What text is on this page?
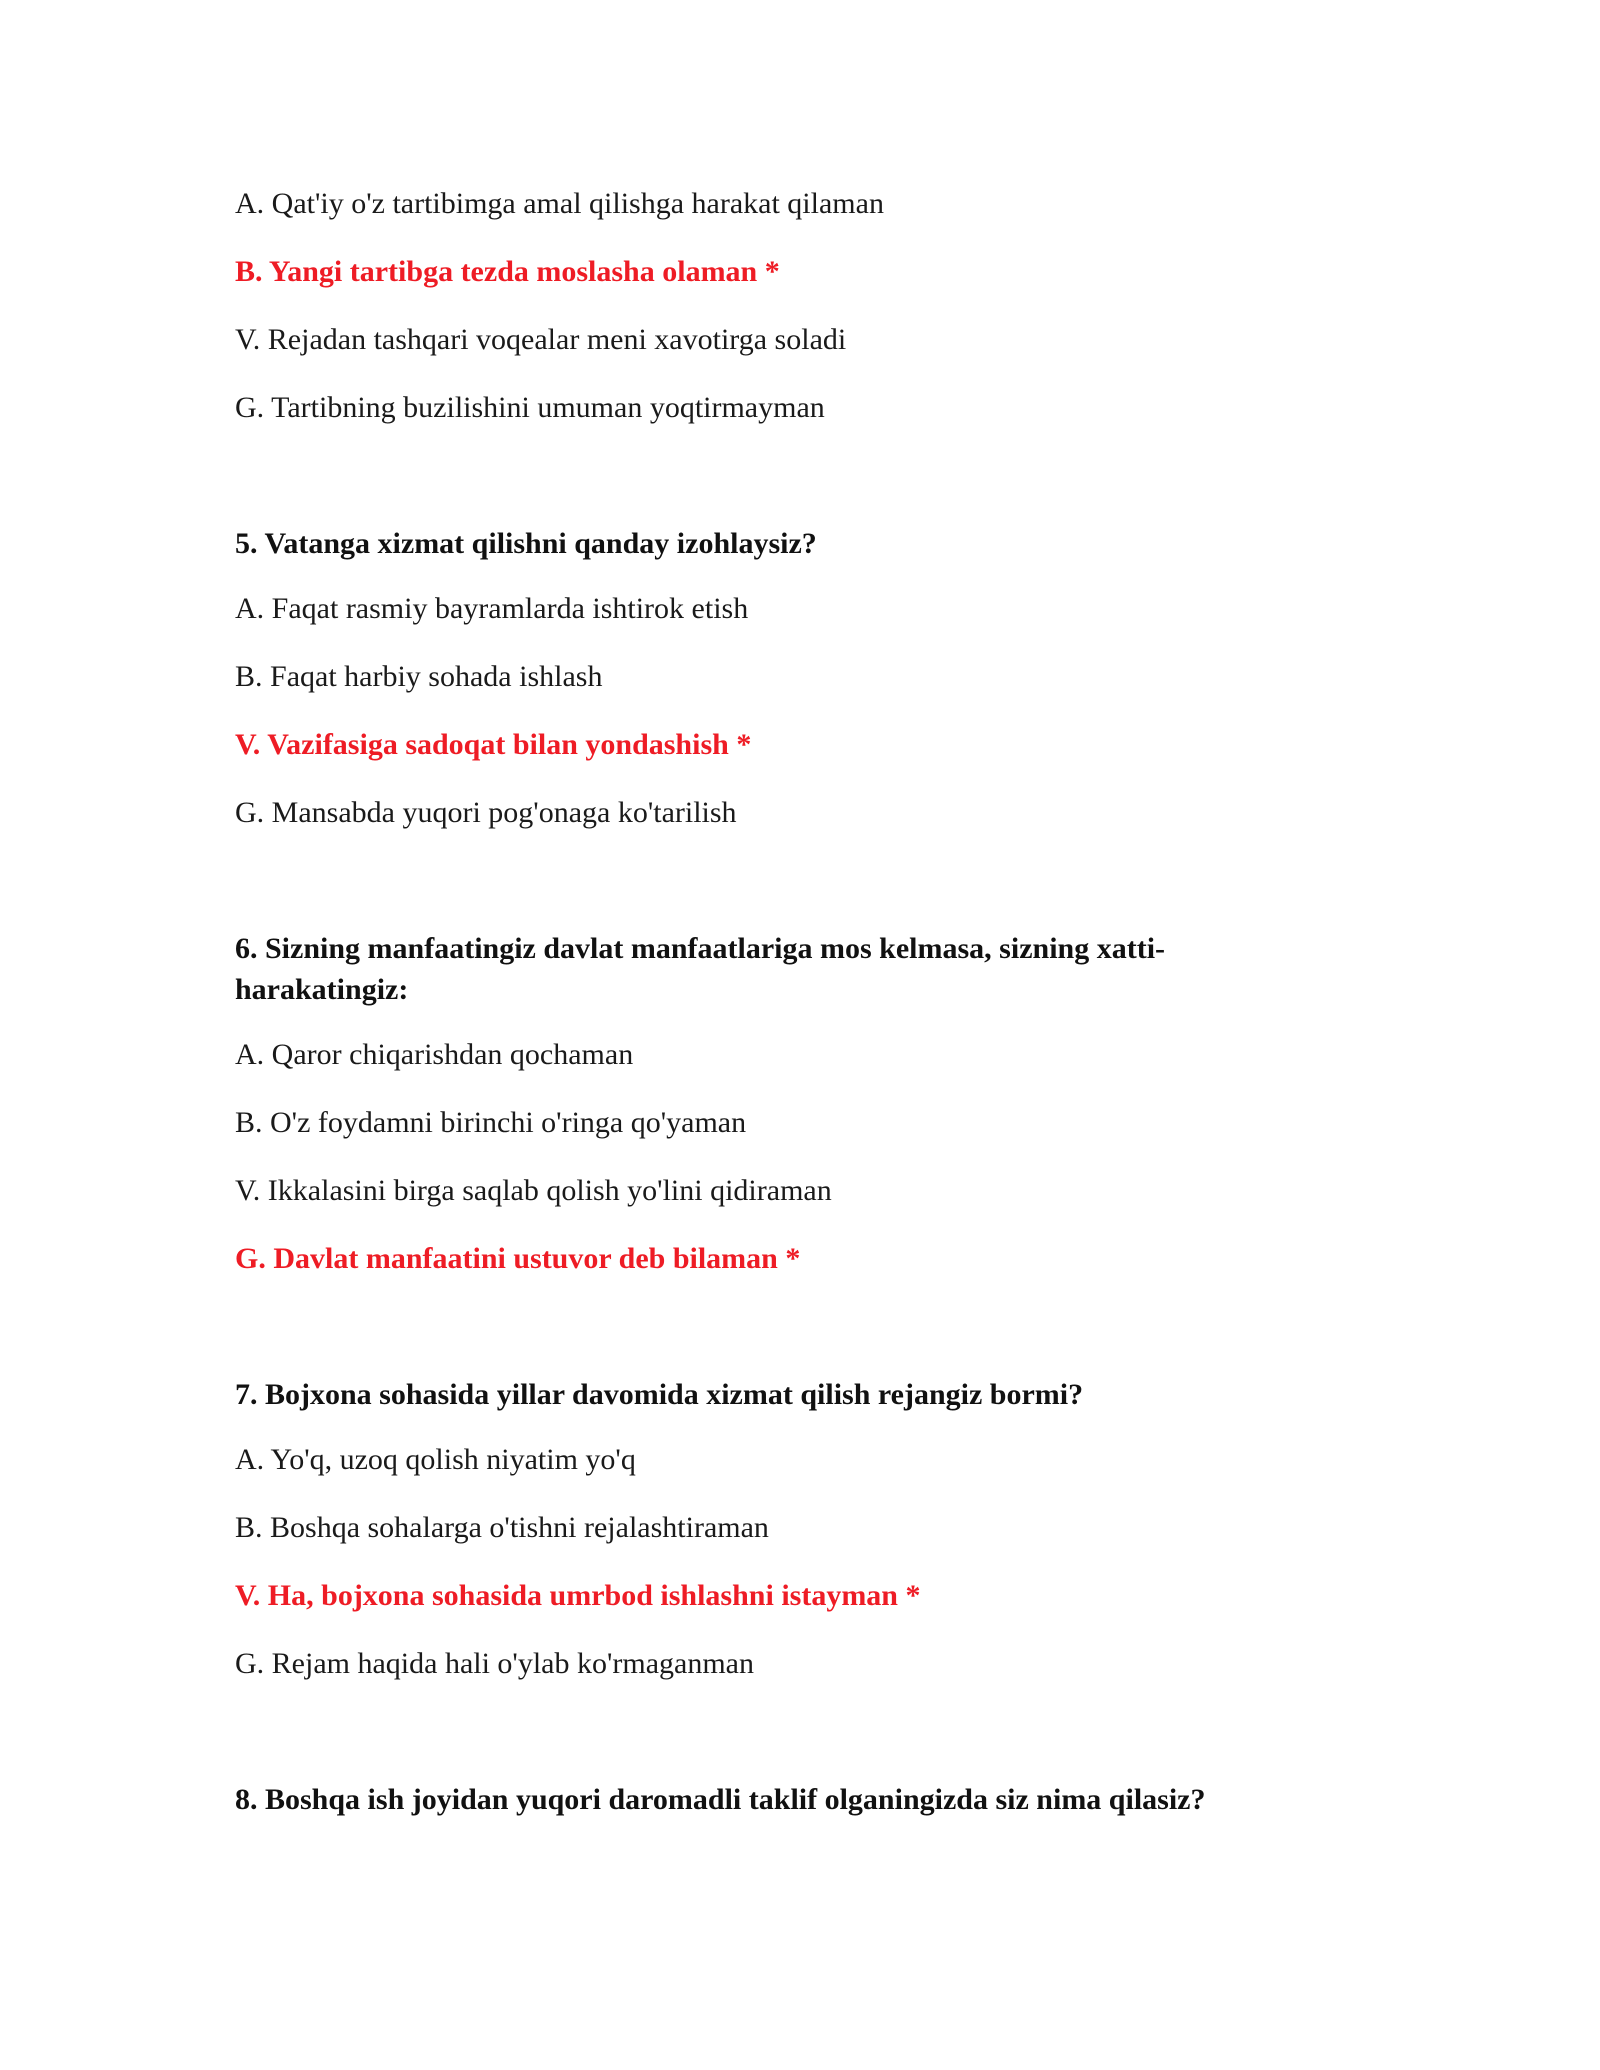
A. Qat'iy o'z tartibimga amal qilishga harakat qilaman

B. Yangi tartibga tezda moslasha olaman *

V. Rejadan tashqari voqealar meni xavotirga soladi

G. Tartibning buzilishini umuman yoqtirmayman

5. Vatanga xizmat qilishni qanday izohlaysiz?

A. Faqat rasmiy bayramlarda ishtirok etish

B. Faqat harbiy sohada ishlash

V. Vazifasiga sadoqat bilan yondashish *

G. Mansabda yuqori pog'onaga ko'tarilish

6. Sizning manfaatingiz davlat manfaatlariga mos kelmasa, sizning xatti-harakatingiz:

A. Qaror chiqarishdan qochaman

B. O'z foydamni birinchi o'ringa qo'yaman

V. Ikkalasini birga saqlab qolish yo'lini qidiraman

G. Davlat manfaatini ustuvor deb bilaman *

7. Bojxona sohasida yillar davomida xizmat qilish rejangiz bormi?

A. Yo'q, uzoq qolish niyatim yo'q

B. Boshqa sohalarga o'tishni rejalashtiraman

V. Ha, bojxona sohasida umrbod ishlashni istayman *

G. Rejam haqida hali o'ylab ko'rmaganman

8. Boshqa ish joyidan yuqori daromadli taklif olganingizda siz nima qilasiz?
